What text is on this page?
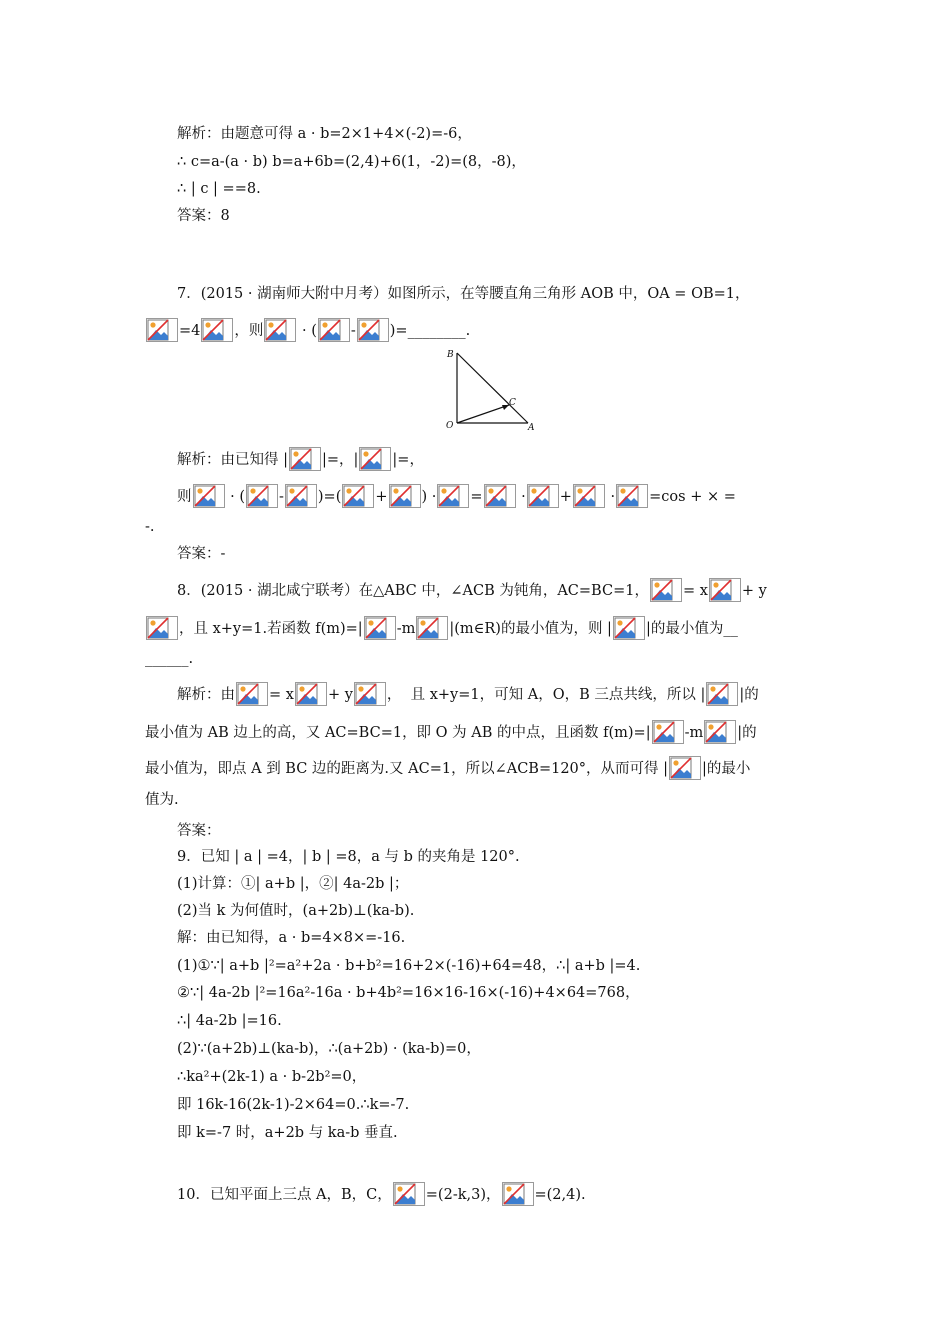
解析：由题意可得 a · b=2×1+4×(-2)=-6，
∴ c=a-(a · b) b=a+6b=(2,4)+6(1，-2)=(8，-8)，
∴ | c | ==8.
答案：8
7．(2015 · 湖南师大附中月考）如图所示，在等腰直角三角形 AOB 中，OA = OB=1，
=4 ，则
· ( - )=________.
B
C
O	A
解析：由已知得 | |=，| |=，
则
· ( - )=( + ) · =
· +
· =cos + × =
-.
答案：-
8．(2015 · 湖北咸宁联考）在△ABC 中，∠ACB 为钝角，AC=BC=1， = x + y
，且 x+y=1.若函数 f(m)=| -m |(m∈R)的最小值为，则 | |的最小值为__
______.
解析：由 = x + y ，  且 x+y=1，可知 A，O，B 三点共线，所以 | |的
最小值为 AB 边上的高，又 AC=BC=1，即 O 为 AB 的中点，且函数 f(m)=| -m |的
最小值为，即点 A 到 BC 边的距离为.又 AC=1，所以∠ACB=120°，从而可得 | |的最小
值为.
答案：
9．已知 | a | =4，| b | =8，a 与 b 的夹角是 120°.
(1)计算：①| a+b |，②| 4a-2b |；
(2)当 k 为何值时，(a+2b)⊥(ka-b).
解：由已知得，a · b=4×8×=-16.
(1)①∵| a+b |²=a²+2a · b+b²=16+2×(-16)+64=48，∴| a+b |=4.
②∵| 4a-2b |²=16a²-16a · b+4b²=16×16-16×(-16)+4×64=768，
∴| 4a-2b |=16.
(2)∵(a+2b)⊥(ka-b)，∴(a+2b) · (ka-b)=0，
∴ka²+(2k-1) a · b-2b²=0，
即 16k-16(2k-1)-2×64=0.∴k=-7.
即 k=-7 时，a+2b 与 ka-b 垂直.
10．已知平面上三点 A，B，C， =(2-k,3)， =(2,4).
